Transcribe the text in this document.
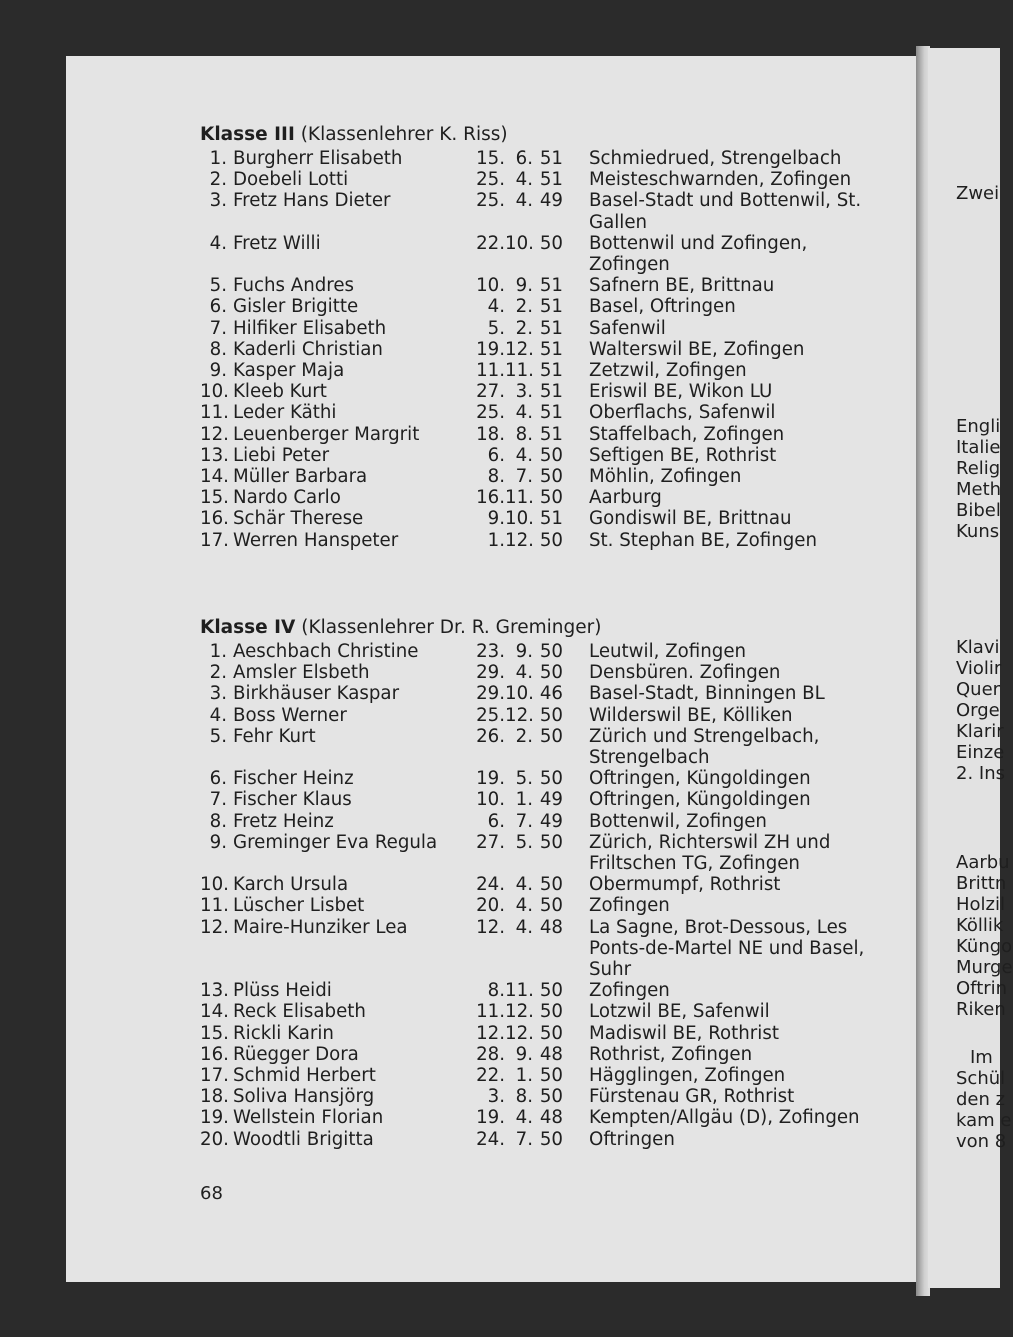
Zwei
Engli
Italie
Relig
Meth
Bibel
Kuns
Klavi
Violir
Quer
Orge
Klarir
Einze
2. Ins
Aarbu
Brittn
Holzil
Köllik
Küngo
Murge
Oftrin
Riken
Im
Schül
den z
kam e
von 8
Klasse III (Klassenlehrer K. Riss)
1. Burgherr Elisabeth	15. 6. 51	Schmiedrued, Strengelbach
2. Doebeli Lotti	25. 4. 51	Meisteschwarnden, Zofingen
3. Fretz Hans Dieter	25. 4. 49	Basel-Stadt und Bottenwil, St. Gallen
4. Fretz Willi	22. 10. 50	Bottenwil und Zofingen, Zofingen
5. Fuchs Andres	10. 9. 51	Safnern BE, Brittnau
6. Gisler Brigitte	4. 2. 51	Basel, Oftringen
7. Hilfiker Elisabeth	5. 2. 51	Safenwil
8. Kaderli Christian	19. 12. 51	Walterswil BE, Zofingen
9. Kasper Maja	11. 11. 51	Zetzwil, Zofingen
10. Kleeb Kurt	27. 3. 51	Eriswil BE, Wikon LU
11. Leder Käthi	25. 4. 51	Oberflachs, Safenwil
12. Leuenberger Margrit	18. 8. 51	Staffelbach, Zofingen
13. Liebi Peter	6. 4. 50	Seftigen BE, Rothrist
14. Müller Barbara	8. 7. 50	Möhlin, Zofingen
15. Nardo Carlo	16. 11. 50	Aarburg
16. Schär Therese	9. 10. 51	Gondiswil BE, Brittnau
17. Werren Hanspeter	1. 12. 50	St. Stephan BE, Zofingen
Klasse IV (Klassenlehrer Dr. R. Greminger)
1. Aeschbach Christine	23. 9. 50	Leutwil, Zofingen
2. Amsler Elsbeth	29. 4. 50	Densbüren. Zofingen
3. Birkhäuser Kaspar	29. 10. 46	Basel-Stadt, Binningen BL
4. Boss Werner	25. 12. 50	Wilderswil BE, Kölliken
5. Fehr Kurt	26. 2. 50	Zürich und Strengelbach, Strengelbach
6. Fischer Heinz	19. 5. 50	Oftringen, Küngoldingen
7. Fischer Klaus	10. 1. 49	Oftringen, Küngoldingen
8. Fretz Heinz	6. 7. 49	Bottenwil, Zofingen
9. Greminger Eva Regula	27. 5. 50	Zürich, Richterswil ZH und Friltschen TG, Zofingen
10. Karch Ursula	24. 4. 50	Obermumpf, Rothrist
11. Lüscher Lisbet	20. 4. 50	Zofingen
12. Maire-Hunziker Lea	12. 4. 48	La Sagne, Brot-Dessous, Les Ponts-de-Martel NE und Basel, Suhr
13. Plüss Heidi	8. 11. 50	Zofingen
14. Reck Elisabeth	11. 12. 50	Lotzwil BE, Safenwil
15. Rickli Karin	12. 12. 50	Madiswil BE, Rothrist
16. Rüegger Dora	28. 9. 48	Rothrist, Zofingen
17. Schmid Herbert	22. 1. 50	Hägglingen, Zofingen
18. Soliva Hansjörg	3. 8. 50	Fürstenau GR, Rothrist
19. Wellstein Florian	19. 4. 48	Kempten/Allgäu (D), Zofingen
20. Woodtli Brigitta	24. 7. 50	Oftringen
68
